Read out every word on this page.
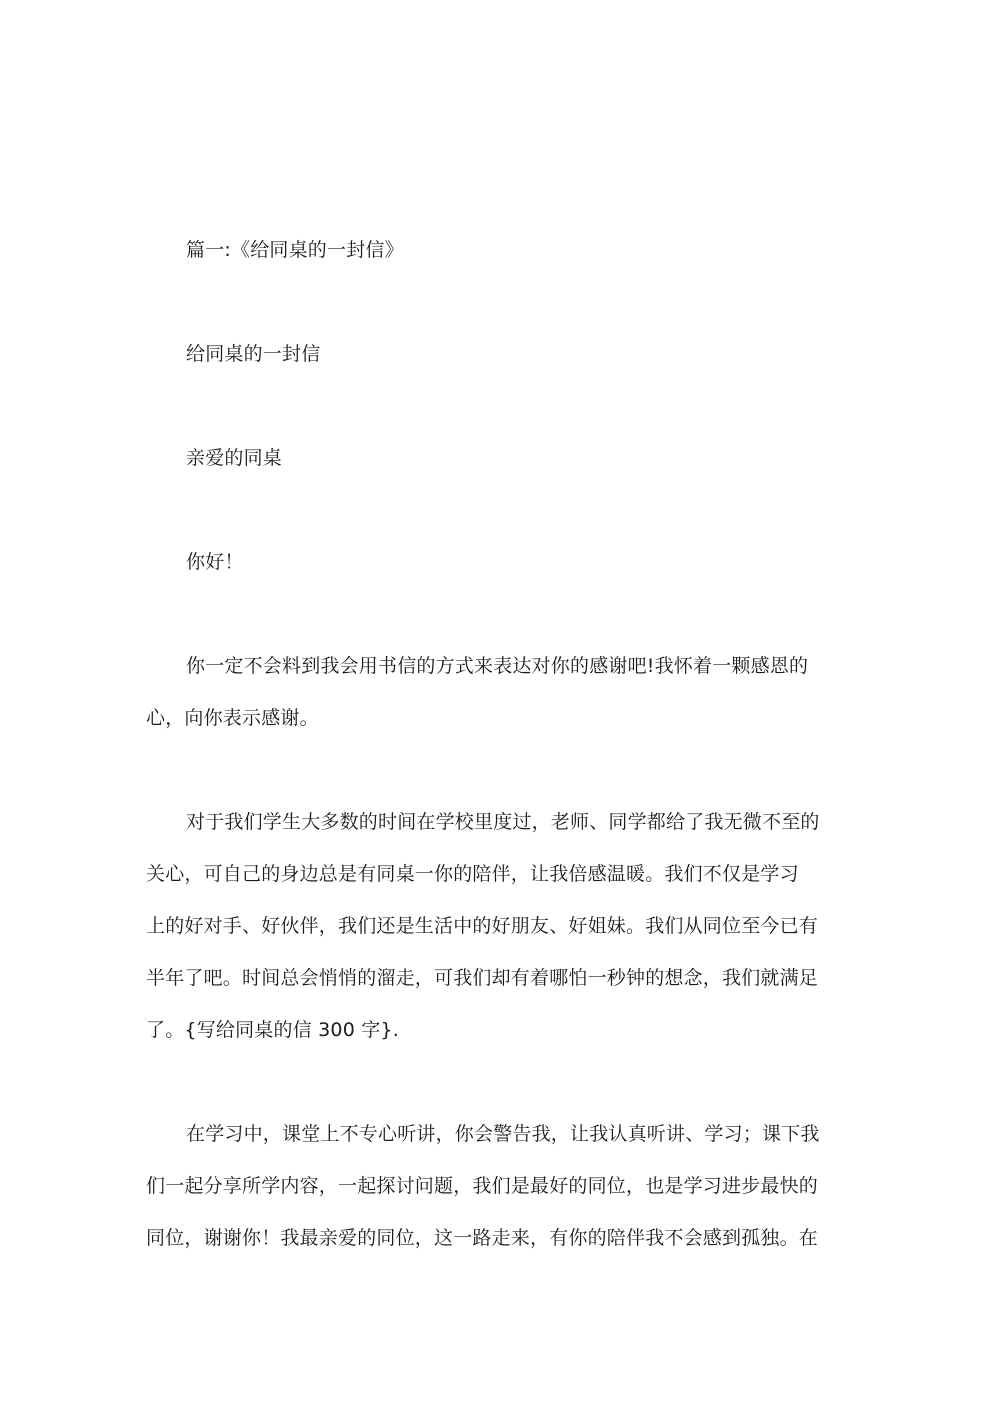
篇一:《给同桌的一封信》
给同桌的一封信
亲爱的同桌
你好！
你一定不会料到我会用书信的方式来表达对你的感谢吧!我怀着一颗感恩的
心，向你表示感谢。
对于我们学生大多数的时间在学校里度过，老师、同学都给了我无微不至的
关心，可自己的身边总是有同桌一你的陪伴，让我倍感温暖。我们不仅是学习
上的好对手、好伙伴，我们还是生活中的好朋友、好姐妹。我们从同位至今已有
半年了吧。时间总会悄悄的溜走，可我们却有着哪怕一秒钟的想念，我们就满足
了。{写给同桌的信 300 字}.
在学习中，课堂上不专心听讲，你会警告我，让我认真听讲、学习；课下我
们一起分享所学内容，一起探讨问题，我们是最好的同位，也是学习进步最快的
同位，谢谢你！我最亲爱的同位，这一路走来，有你的陪伴我不会感到孤独。在
